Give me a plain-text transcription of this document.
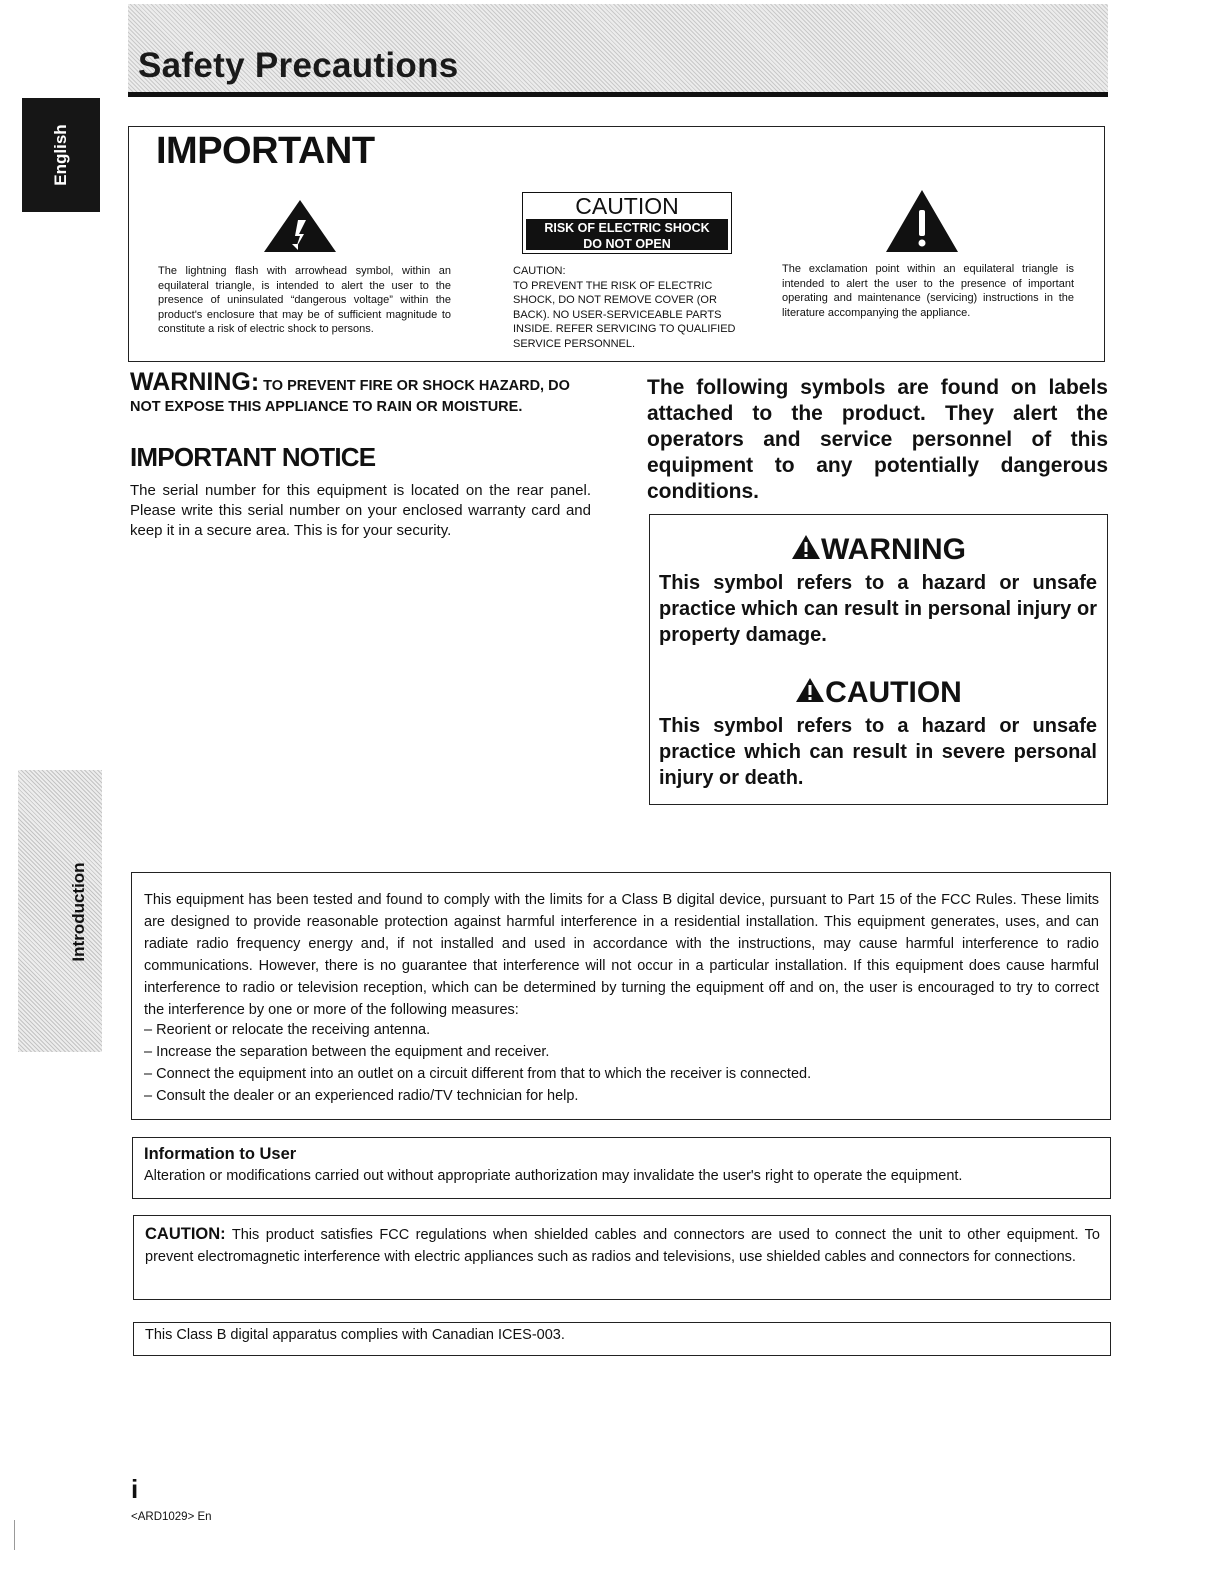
Safety Precautions
English
Introduction
IMPORTANT
The lightning flash with arrowhead symbol, within an equilateral triangle, is intended to alert the user to the presence of uninsulated “dangerous voltage” within the product's enclosure that may be of sufficient magnitude to constitute a risk of electric shock to persons.
CAUTION
RISK OF ELECTRIC SHOCK
DO NOT OPEN
CAUTION:
TO PREVENT THE RISK OF ELECTRIC SHOCK, DO NOT REMOVE COVER (OR BACK). NO USER-SERVICEABLE PARTS INSIDE. REFER SERVICING TO QUALIFIED SERVICE PERSONNEL.
The exclamation point within an equilateral triangle is intended to alert the user to the presence of important operating and maintenance (servicing) instructions in the literature accompanying the appliance.
WARNING: TO PREVENT FIRE OR SHOCK HAZARD, DO NOT EXPOSE THIS APPLIANCE TO RAIN OR MOISTURE.
IMPORTANT NOTICE
The serial number for this equipment is located on the rear panel. Please write this serial number on your enclosed warranty card and keep it in a secure area. This is for your security.
The following symbols are found on labels attached to the product. They alert the operators and service personnel of this equipment to any potentially dangerous conditions.
WARNING
This symbol refers to a hazard or unsafe practice which can result in personal injury or property damage.
CAUTION
This symbol refers to a hazard or unsafe practice which can result in severe personal injury or death.
This equipment has been tested and found to comply with the limits for a Class B digital device, pursuant to Part 15 of the FCC Rules. These limits are designed to provide reasonable protection against harmful interference in a residential installation. This equipment generates, uses, and can radiate radio frequency energy and, if not installed and used in accordance with the instructions, may cause harmful interference to radio communications. However, there is no guarantee that interference will not occur in a particular installation. If this equipment does cause harmful interference to radio or television reception, which can be determined by turning the equipment off and on, the user is encouraged to try to correct the interference by one or more of the following measures:
– Reorient or relocate the receiving antenna.
– Increase the separation between the equipment and receiver.
– Connect the equipment into an outlet on a circuit different from that to which the receiver is connected.
– Consult the dealer or an experienced radio/TV technician for help.
Information to User
Alteration or modifications carried out without appropriate authorization may invalidate the user's right to operate the equipment.
CAUTION: This product satisfies FCC regulations when shielded cables and connectors are used to connect the unit to other equipment. To prevent electromagnetic interference with electric appliances such as radios and televisions, use shielded cables and connectors for connections.
This Class B digital apparatus complies with Canadian ICES-003.
i
<ARD1029> En
